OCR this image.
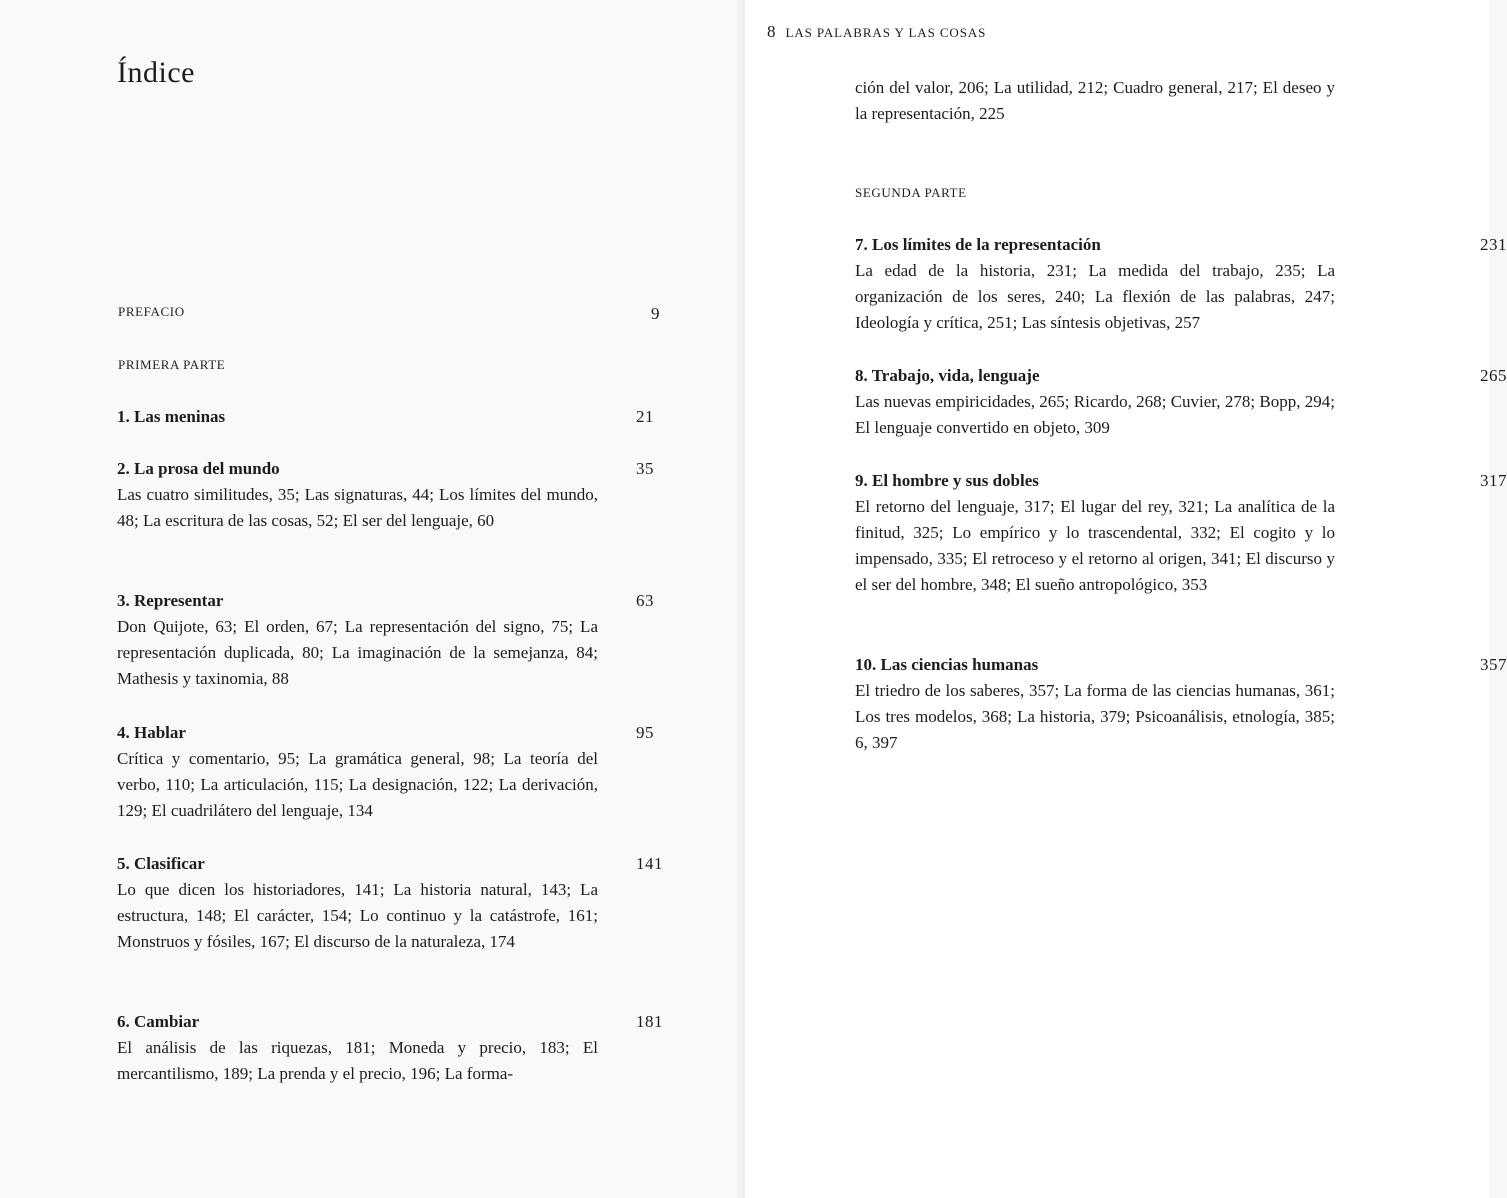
Índice
PREFACIO	9
PRIMERA PARTE
1. Las meninas	21
2. La prosa del mundo
Las cuatro similitudes, 35; Las signaturas, 44; Los límites del mundo, 48; La escritura de las cosas, 52; El ser del lenguaje, 60
35
3. Representar
Don Quijote, 63; El orden, 67; La representación del signo, 75; La representación duplicada, 80; La imaginación de la semejanza, 84; Mathesis y taxinomia, 88
63
4. Hablar
Crítica y comentario, 95; La gramática general, 98; La teoría del verbo, 110; La articulación, 115; La designación, 122; La derivación, 129; El cuadrilátero del lenguaje, 134
95
5. Clasificar
Lo que dicen los historiadores, 141; La historia natural, 143; La estructura, 148; El carácter, 154; Lo continuo y la catástrofe, 161; Monstruos y fósiles, 167; El discurso de la naturaleza, 174
141
6. Cambiar
El análisis de las riquezas, 181; Moneda y precio, 183; El mercantilismo, 189; La prenda y el precio, 196; La forma-
181
8 LAS PALABRAS Y LAS COSAS
ción del valor, 206; La utilidad, 212; Cuadro general, 217; El deseo y la representación, 225
SEGUNDA PARTE
7. Los límites de la representación
La edad de la historia, 231; La medida del trabajo, 235; La organización de los seres, 240; La flexión de las palabras, 247; Ideología y crítica, 251; Las síntesis objetivas, 257
231
8. Trabajo, vida, lenguaje
Las nuevas empiricidades, 265; Ricardo, 268; Cuvier, 278; Bopp, 294; El lenguaje convertido en objeto, 309
265
9. El hombre y sus dobles
El retorno del lenguaje, 317; El lugar del rey, 321; La analítica de la finitud, 325; Lo empírico y lo trascendental, 332; El cogito y lo impensado, 335; El retroceso y el retorno al origen, 341; El discurso y el ser del hombre, 348; El sueño antropológico, 353
317
10. Las ciencias humanas
El triedro de los saberes, 357; La forma de las ciencias humanas, 361; Los tres modelos, 368; La historia, 379; Psicoanálisis, etnología, 385; 6, 397
357
